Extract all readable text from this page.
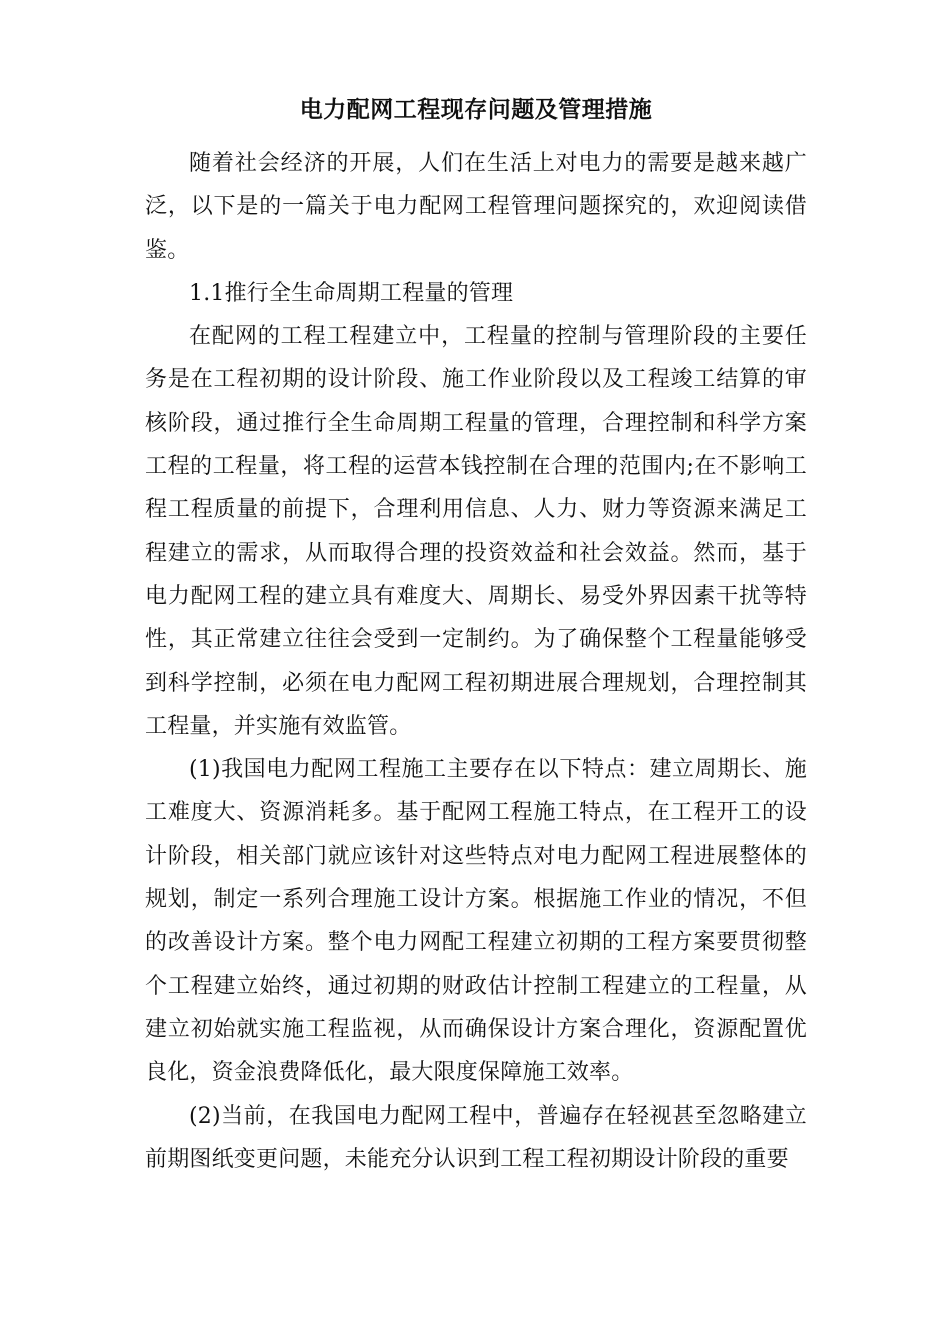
电力配网工程现存问题及管理措施

随着社会经济的开展，人们在生活上对电力的需要是越来越广泛，以下是的一篇关于电力配网工程管理问题探究的，欢迎阅读借鉴。

1.1推行全生命周期工程量的管理

在配网的工程工程建立中，工程量的控制与管理阶段的主要任务是在工程初期的设计阶段、施工作业阶段以及工程竣工结算的审核阶段，通过推行全生命周期工程量的管理，合理控制和科学方案工程的工程量，将工程的运营本钱控制在合理的范围内;在不影响工程工程质量的前提下，合理利用信息、人力、财力等资源来满足工程建立的需求，从而取得合理的投资效益和社会效益。然而，基于电力配网工程的建立具有难度大、周期长、易受外界因素干扰等特性，其正常建立往往会受到一定制约。为了确保整个工程量能够受到科学控制，必须在电力配网工程初期进展合理规划，合理控制其工程量，并实施有效监管。

(1)我国电力配网工程施工主要存在以下特点：建立周期长、施工难度大、资源消耗多。基于配网工程施工特点，在工程开工的设计阶段，相关部门就应该针对这些特点对电力配网工程进展整体的规划，制定一系列合理施工设计方案。根据施工作业的情况，不但的改善设计方案。整个电力网配工程建立初期的工程方案要贯彻整个工程建立始终，通过初期的财政估计控制工程建立的工程量，从建立初始就实施工程监视，从而确保设计方案合理化，资源配置优良化，资金浪费降低化，最大限度保障施工效率。

(2)当前，在我国电力配网工程中，普遍存在轻视甚至忽略建立前期图纸变更问题，未能充分认识到工程工程初期设计阶段的重要
